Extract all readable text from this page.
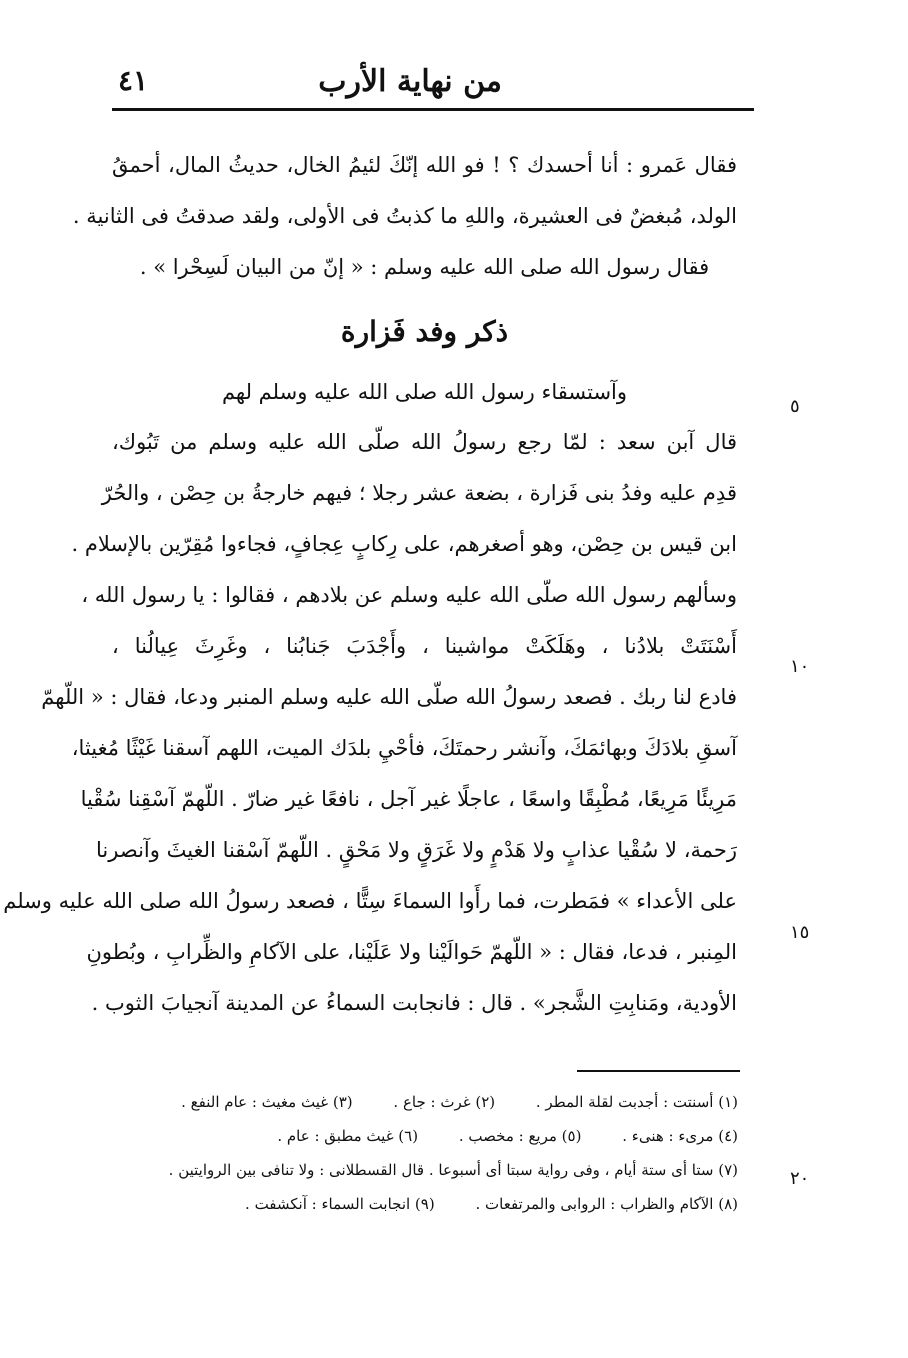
من نهاية الأرب
٤١
فقال عَمرو : أنا أحسدك ؟ ! فو الله إنّكَ لئيمُ الخال، حديثُ المال، أحمقُ
الولد، مُبغضٌ فى العشيرة، واللهِ ما كذبتُ فى الأولى، ولقد صدقتُ فى الثانية .
فقال رسول الله صلى الله عليه وسلم : « إنّ من البيان لَسِحْرا » .
ذكر وفد فَزارة
وآستسقاء رسول الله صلى الله عليه وسلم لهم
قال آبن سعد : لمّا رجع رسولُ الله صلّى الله عليه وسلم من تَبُوك،
قدِم عليه وفدُ بنى فَزارة ، بضعة عشر رجلا ؛ فيهم خارجةُ بن حِصْن ، والحُرّ
ابن قيس بن حِصْن، وهو أصغرهم، على رِكابٍ عِجافٍ، فجاءوا مُقِرّين بالإسلام .
وسألهم رسول الله صلّى الله عليه وسلم عن بلادهم ، فقالوا : يا رسول الله ،
أَسْنَتَتْ بلادُنا ، وهَلَكَتْ مواشينا ، وأَجْدَبَ جَنابُنا ، وغَرِثَ عِيالُنا ،
فادع لنا ربك . فصعد رسولُ الله صلّى الله عليه وسلم المنبر ودعا، فقال : « اللّهمّ
آسقِ بلادَكَ وبهائمَكَ، وآنشر رحمتَكَ، فأحْيِ بلدَك الميت، اللهم آسقنا غَيْثًا مُغيثا،
مَرِيئًا مَرِيعًا، مُطْبِقًا واسعًا ، عاجلًا غير آجل ، نافعًا غير ضارّ . اللّهمّ آسْقِنا سُقْيا
رَحمة، لا سُقْيا عذابٍ ولا هَدْمٍ ولا غَرَقٍ ولا مَحْقٍ . اللّهمّ آسْقنا الغيثَ وآنصرنا
على الأعداء » فمَطرت، فما رأَوا السماءَ سِتًّا ، فصعد رسولُ الله صلى الله عليه وسلم
المِنبر ، فدعا، فقال : « اللّهمّ حَوالَيْنا ولا عَلَيْنا، على الآكامِ والظِّرابِ ، وبُطونِ
الأودية، ومَنابِتِ الشَّجر» . قال : فانجابت السماءُ عن المدينة آنجيابَ الثوب .
٥
١٠
١٥
٢٠
(١) أسنتت : أجدبت لقلة المطر . (٢) غرث : جاع . (٣) غيث مغيث : عام النفع .
(٤) مرى‌ء : هنى‌ء . (٥) مريع : مخصب . (٦) غيث مطبق : عام .
(٧) ستا أى ستة أيام ، وفى رواية سبتا أى أسبوعا . قال القسطلانى : ولا تنافى بين الروايتين .
(٨) الآكام والظراب : الروابى والمرتفعات . (٩) انجابت السماء : آنكشفت .
